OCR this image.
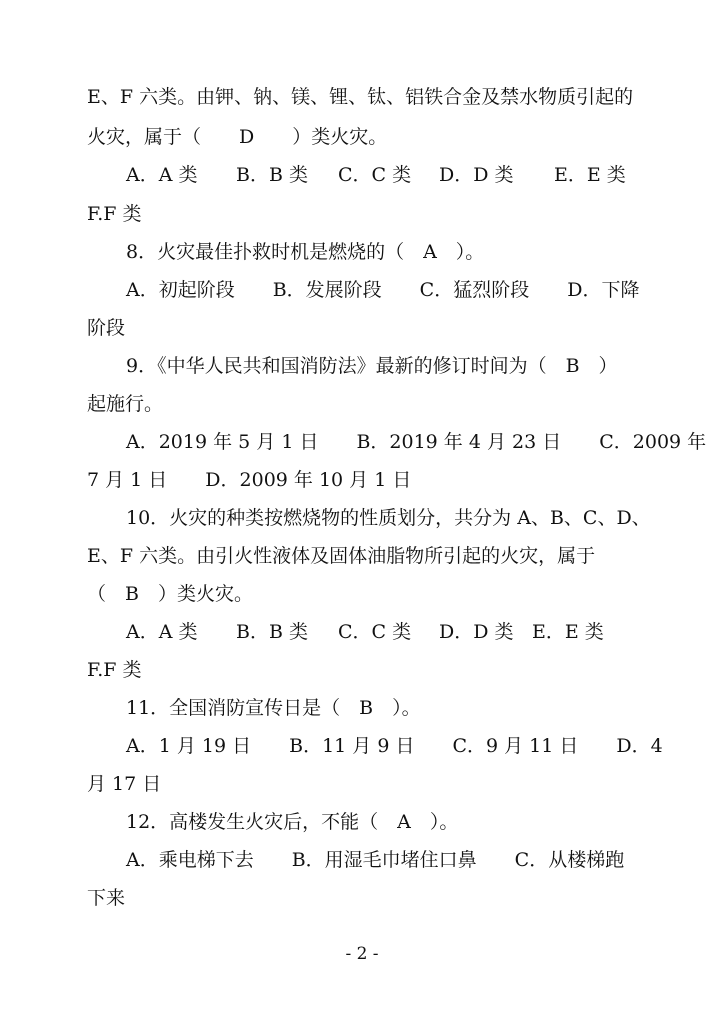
E、F 六类。由钾、钠、镁、锂、钛、铝铁合金及禁水物质引起的
火灾，属于（　　D　　）类火灾。

A．A 类

B．B 类

C．C 类

D．D 类

E．E 类

F.F 类
8．火灾最佳扑救时机是燃烧的（　A　）。
A．初起阶段　　B．发展阶段　　C．猛烈阶段　　D．下降
阶段
9．《中华人民共和国消防法》最新的修订时间为（　B　）
起施行。
A．2019 年 5 月 1 日　　B．2019 年 4 月 23 日　　C．2009 年
7 月 1 日　　D．2009 年 10 月 1 日
10．火灾的种类按燃烧物的性质划分，共分为 A、B、C、D、
E、F 六类。由引火性液体及固体油脂物所引起的火灾，属于
（　B　）类火灾。

A．A 类

B．B 类

C．C 类

D．D 类

E．E 类

F.F 类
11．全国消防宣传日是（　B　）。
A．1 月 19 日　　B．11 月 9 日　　C．9 月 11 日　　D．4
月 17 日
12．高楼发生火灾后，不能（　A　）。
A．乘电梯下去　　B．用湿毛巾堵住口鼻　　C．从楼梯跑
下来
- 2 -
